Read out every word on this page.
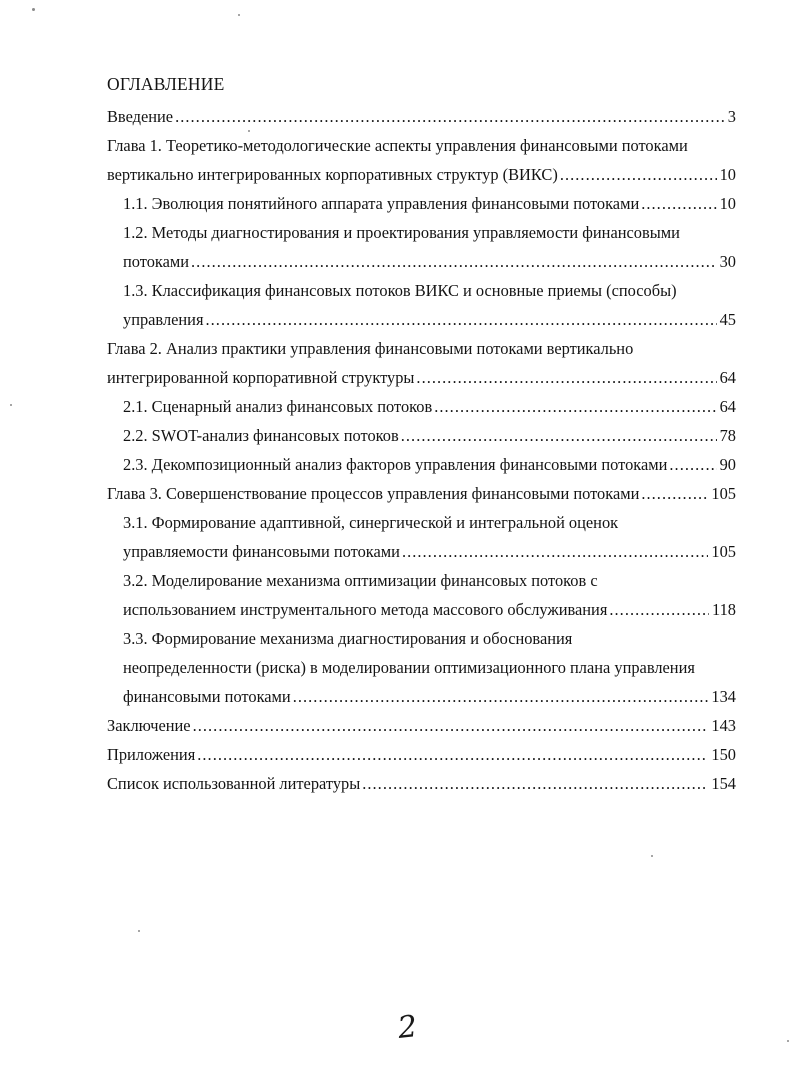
ОГЛАВЛЕНИЕ
Введение .....	3
Глава 1. Теоретико-методологические аспекты управления финансовыми потоками
вертикально интегрированных корпоративных структур (ВИКС) .....	10
1.1. Эволюция понятийного аппарата управления финансовыми потоками .....	10
1.2. Методы диагностирования и проектирования управляемости финансовыми
потоками .....	30
1.3. Классификация финансовых потоков ВИКС и основные приемы (способы)
управления .....	45
Глава 2. Анализ практики управления финансовыми потоками вертикально
интегрированной корпоративной структуры .....	64
2.1. Сценарный анализ финансовых потоков .....	64
2.2. SWOT-анализ финансовых потоков .....	78
2.3. Декомпозиционный анализ факторов управления финансовыми потоками .....	90
Глава 3. Совершенствование процессов управления финансовыми потоками .....	105
3.1. Формирование адаптивной, синергической и интегральной оценок
управляемости финансовыми потоками .....	105
3.2. Моделирование механизма оптимизации финансовых потоков с
использованием инструментального метода массового обслуживания .....	118
3.3. Формирование механизма диагностирования и обоснования
неопределенности (риска) в моделировании оптимизационного плана управления
финансовыми потоками .....	134
Заключение .....	143
Приложения .....	150
Список использованной литературы .....	154
2
